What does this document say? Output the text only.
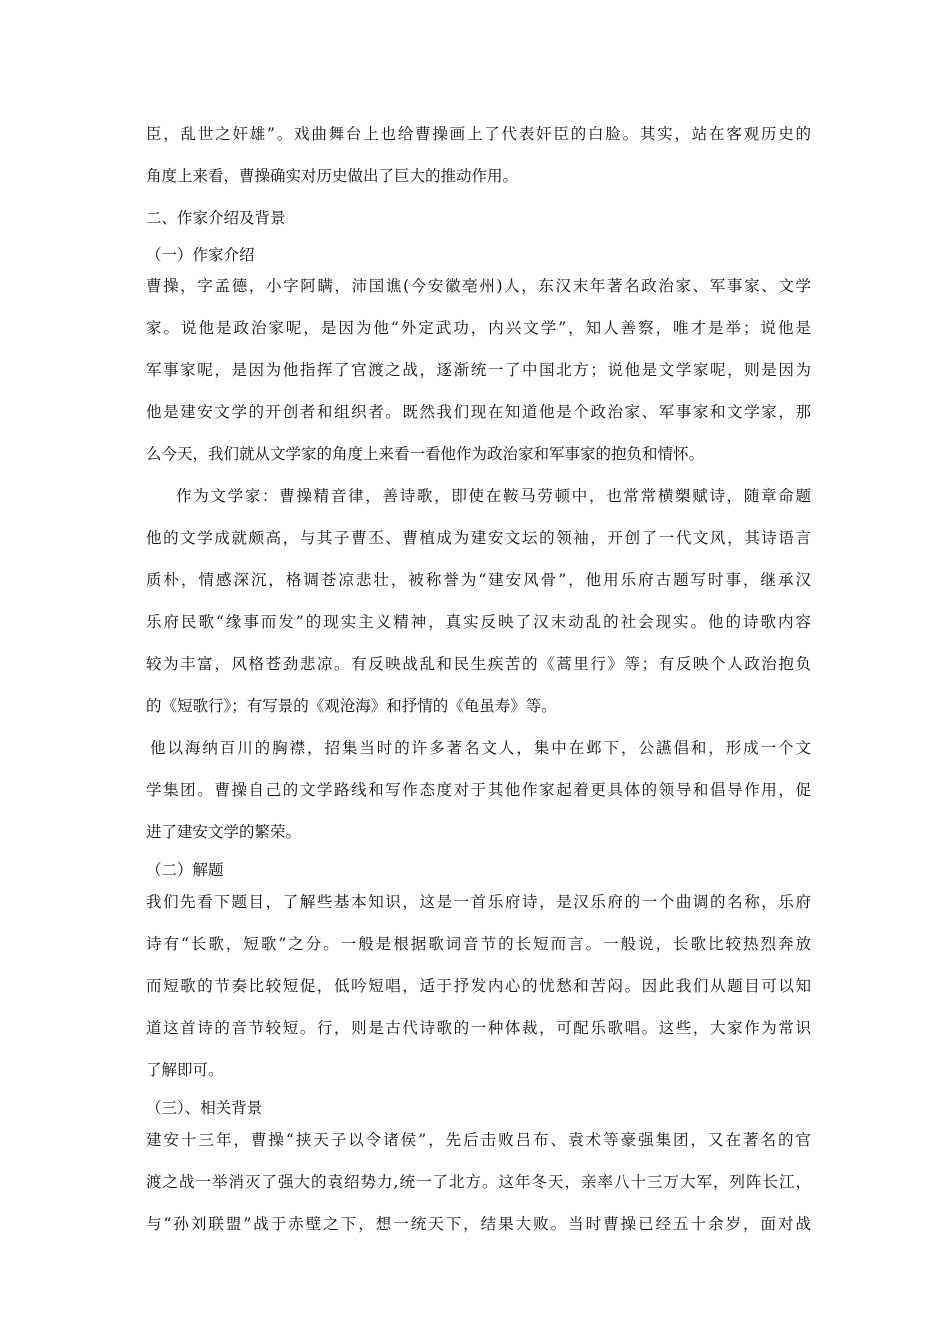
臣，乱世之奸雄”。戏曲舞台上也给曹操画上了代表奸臣的白脸。其实，站在客观历史的
角度上来看，曹操确实对历史做出了巨大的推动作用。
二、作家介绍及背景
（一）作家介绍
曹操，字孟德，小字阿瞒，沛国谯(今安徽亳州)人，东汉末年著名政治家、军事家、文学
家。说他是政治家呢，是因为他“外定武功，内兴文学”，知人善察，唯才是举；说他是
军事家呢，是因为他指挥了官渡之战，逐渐统一了中国北方；说他是文学家呢，则是因为
他是建安文学的开创者和组织者。既然我们现在知道他是个政治家、军事家和文学家，那
么今天，我们就从文学家的角度上来看一看他作为政治家和军事家的抱负和情怀。
作为文学家：曹操精音律，善诗歌，即使在鞍马劳顿中，也常常横槊赋诗，随章命题
他的文学成就颇高，与其子曹丕、曹植成为建安文坛的领袖，开创了一代文风，其诗语言
质朴，情感深沉，格调苍凉悲壮，被称誉为“建安风骨”，他用乐府古题写时事，继承汉
乐府民歌“缘事而发”的现实主义精神，真实反映了汉末动乱的社会现实。他的诗歌内容
较为丰富，风格苍劲悲凉。有反映战乱和民生疾苦的《蒿里行》等；有反映个人政治抱负
的《短歌行》；有写景的《观沧海》和抒情的《龟虽寿》等。
他以海纳百川的胸襟，招集当时的许多著名文人，集中在邺下，公讌倡和，形成一个文
学集团。曹操自己的文学路线和写作态度对于其他作家起着更具体的领导和倡导作用，促
进了建安文学的繁荣。
（二）解题
我们先看下题目，了解些基本知识，这是一首乐府诗，是汉乐府的一个曲调的名称，乐府
诗有“长歌，短歌”之分。一般是根据歌词音节的长短而言。一般说，长歌比较热烈奔放
而短歌的节奏比较短促，低吟短唱，适于抒发内心的忧愁和苦闷。因此我们从题目可以知
道这首诗的音节较短。行，则是古代诗歌的一种体裁，可配乐歌唱。这些，大家作为常识
了解即可。
（三）、相关背景
建安十三年，曹操“挟天子以令诸侯”，先后击败吕布、袁术等豪强集团，又在著名的官
渡之战一举消灭了强大的袁绍势力,统一了北方。这年冬天，亲率八十三万大军，列阵长江，
与“孙刘联盟”战于赤壁之下，想一统天下，结果大败。当时曹操已经五十余岁，面对战
